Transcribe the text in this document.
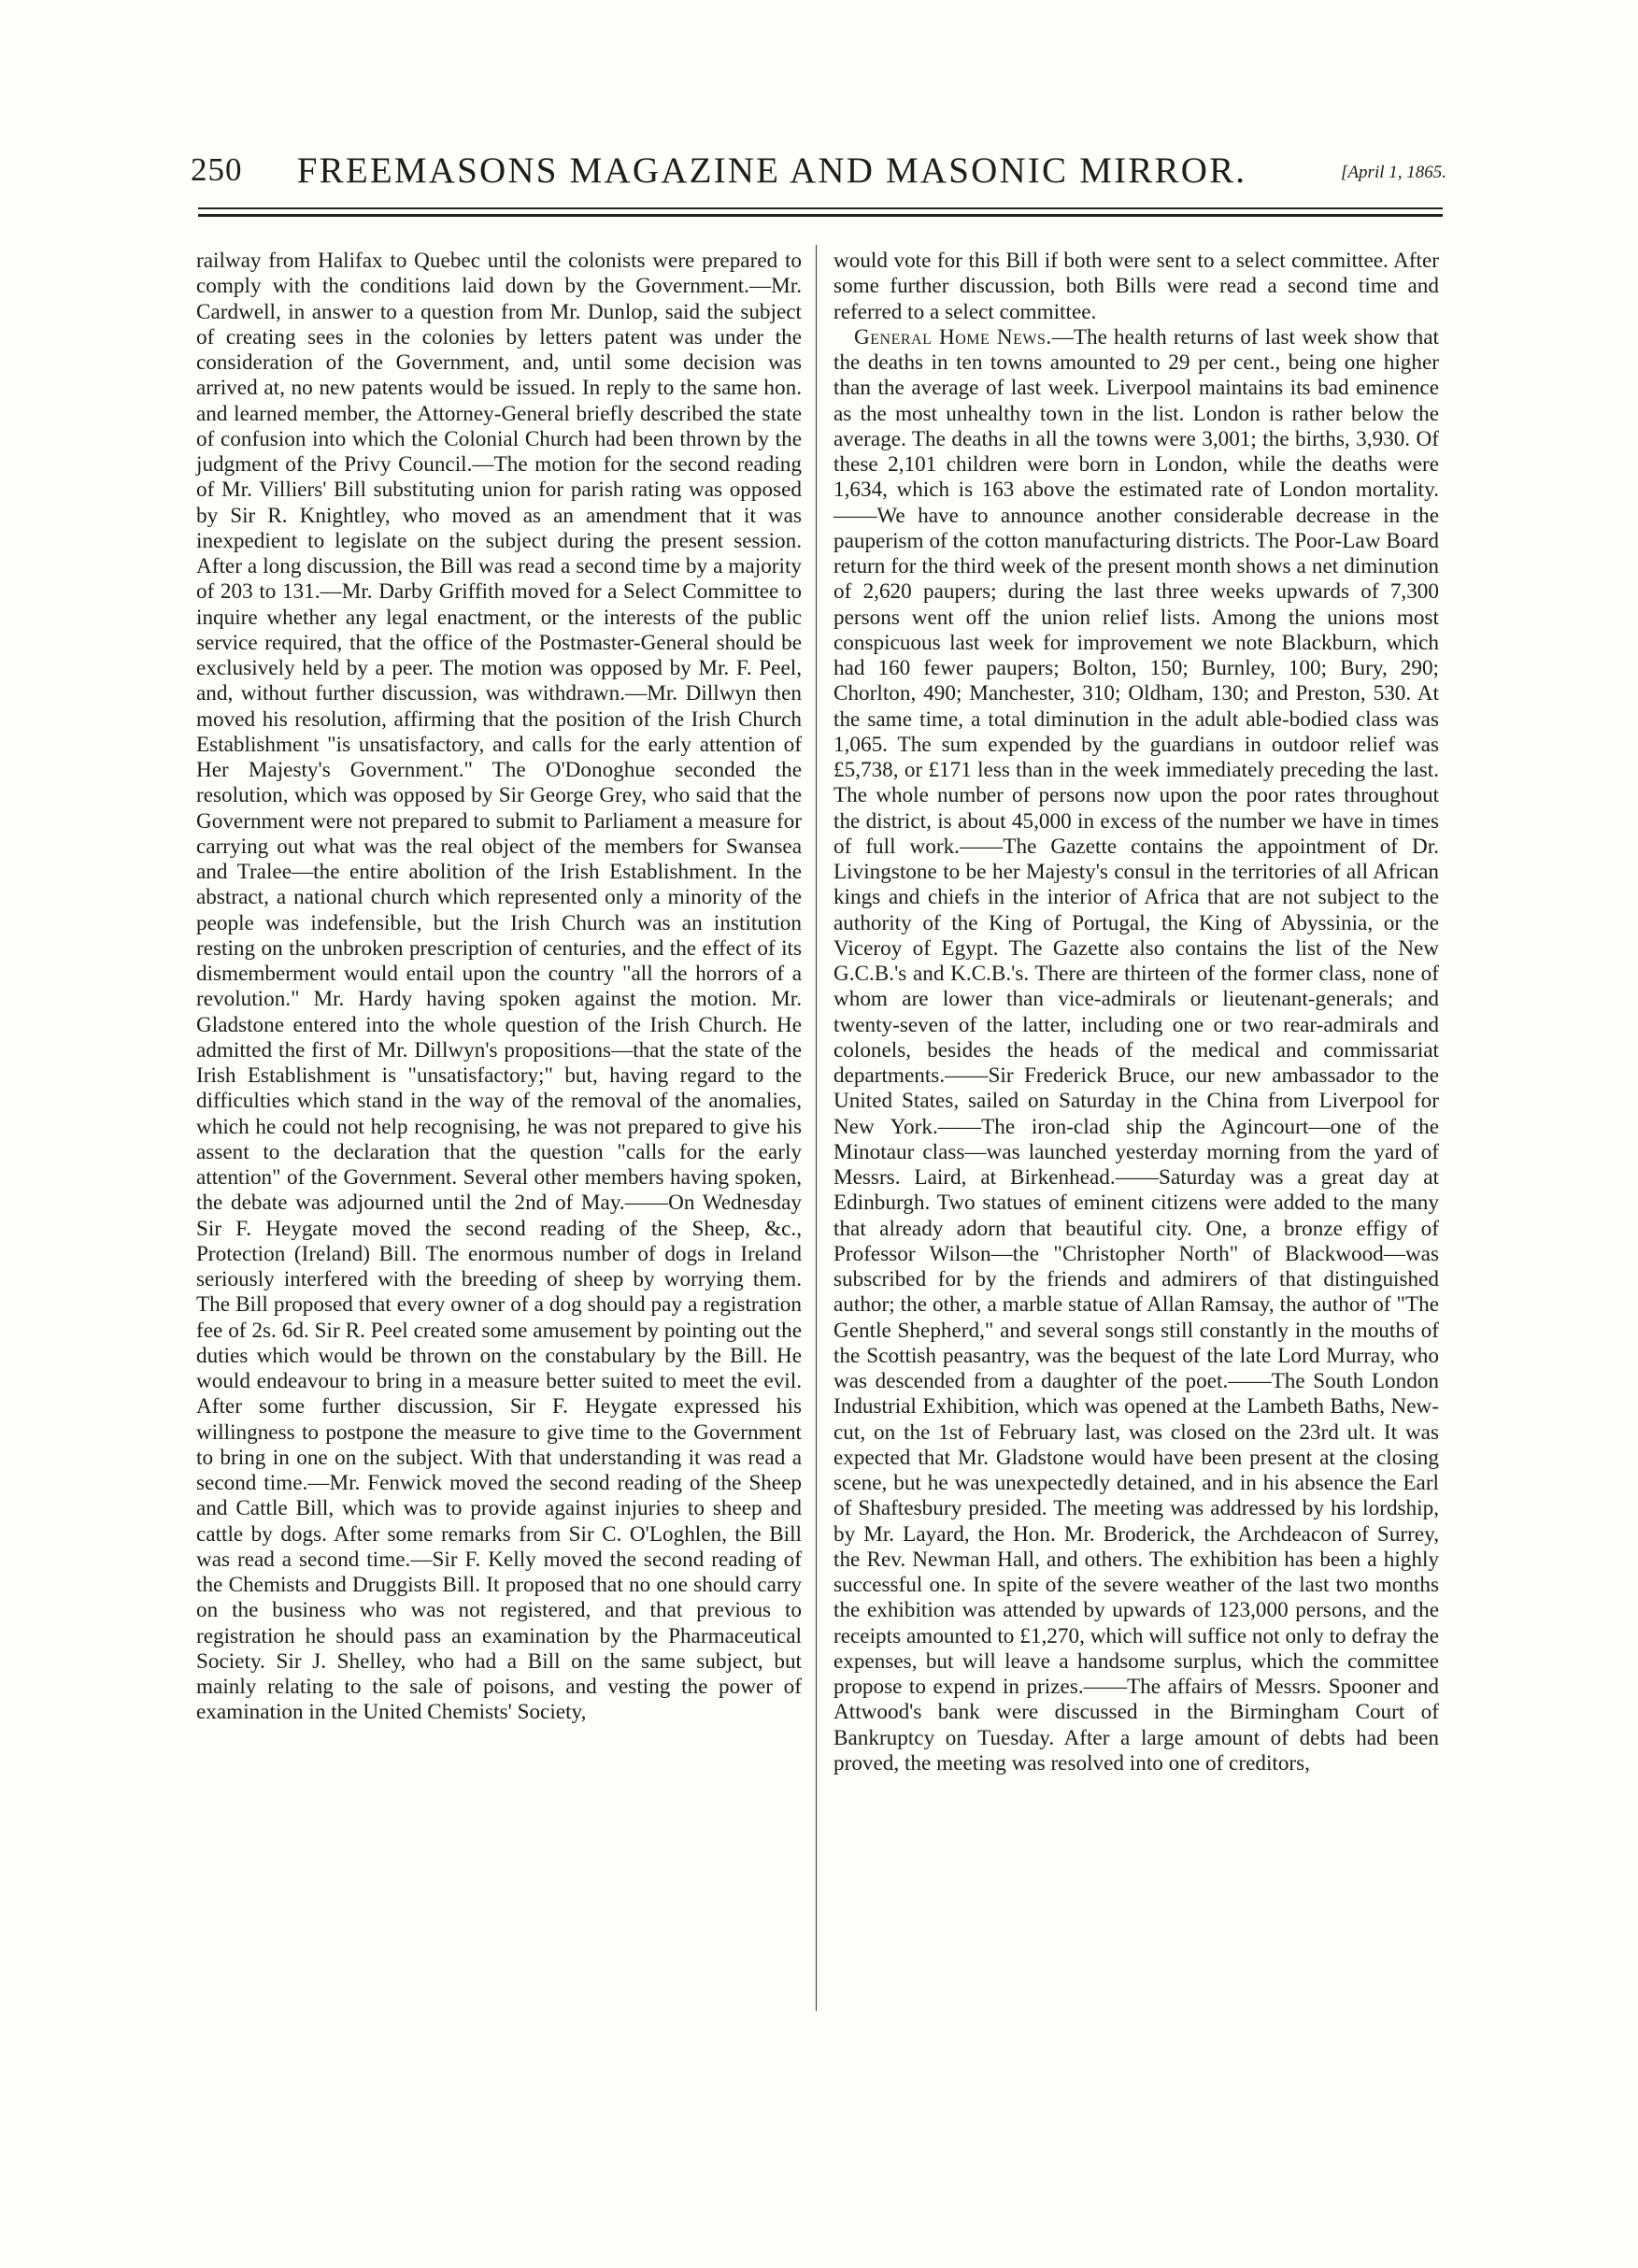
250	FREEMASONS MAGAZINE AND MASONIC MIRROR.	[April 1, 1865.

railway from Halifax to Quebec until the colonists were prepared to comply with the conditions laid down by the Government.—Mr. Cardwell, in answer to a question from Mr. Dunlop, said the subject of creating sees in the colonies by letters patent was under the consideration of the Government, and, until some decision was arrived at, no new patents would be issued. In reply to the same hon. and learned member, the Attorney-General briefly described the state of confusion into which the Colonial Church had been thrown by the judgment of the Privy Council.—The motion for the second reading of Mr. Villiers' Bill substituting union for parish rating was opposed by Sir R. Knightley, who moved as an amendment that it was inexpedient to legislate on the subject during the present session. After a long discussion, the Bill was read a second time by a majority of 203 to 131.—Mr. Darby Griffith moved for a Select Committee to inquire whether any legal enactment, or the interests of the public service required, that the office of the Postmaster-General should be exclusively held by a peer. The motion was opposed by Mr. F. Peel, and, without further discussion, was withdrawn.—Mr. Dillwyn then moved his resolution, affirming that the position of the Irish Church Establishment "is unsatisfactory, and calls for the early attention of Her Majesty's Government." The O'Donoghue seconded the resolution, which was opposed by Sir George Grey, who said that the Government were not prepared to submit to Parliament a measure for carrying out what was the real object of the members for Swansea and Tralee—the entire abolition of the Irish Establishment. In the abstract, a national church which represented only a minority of the people was indefensible, but the Irish Church was an institution resting on the unbroken prescription of centuries, and the effect of its dismemberment would entail upon the country "all the horrors of a revolution." Mr. Hardy having spoken against the motion. Mr. Gladstone entered into the whole question of the Irish Church. He admitted the first of Mr. Dillwyn's propositions—that the state of the Irish Establishment is "unsatisfactory;" but, having regard to the difficulties which stand in the way of the removal of the anomalies, which he could not help recognising, he was not prepared to give his assent to the declaration that the question "calls for the early attention" of the Government. Several other members having spoken, the debate was adjourned until the 2nd of May.——On Wednesday Sir F. Heygate moved the second reading of the Sheep, &c., Protection (Ireland) Bill. The enormous number of dogs in Ireland seriously interfered with the breeding of sheep by worrying them. The Bill proposed that every owner of a dog should pay a registration fee of 2s. 6d. Sir R. Peel created some amusement by pointing out the duties which would be thrown on the constabulary by the Bill. He would endeavour to bring in a measure better suited to meet the evil. After some further discussion, Sir F. Heygate expressed his willingness to postpone the measure to give time to the Government to bring in one on the subject. With that understanding it was read a second time.—Mr. Fenwick moved the second reading of the Sheep and Cattle Bill, which was to provide against injuries to sheep and cattle by dogs. After some remarks from Sir C. O'Loghlen, the Bill was read a second time.—Sir F. Kelly moved the second reading of the Chemists and Druggists Bill. It proposed that no one should carry on the business who was not registered, and that previous to registration he should pass an examination by the Pharmaceutical Society. Sir J. Shelley, who had a Bill on the same subject, but mainly relating to the sale of poisons, and vesting the power of examination in the United Chemists' Society,

would vote for this Bill if both were sent to a select committee. After some further discussion, both Bills were read a second time and referred to a select committee.

General Home News.—The health returns of last week show that the deaths in ten towns amounted to 29 per cent., being one higher than the average of last week. Liverpool maintains its bad eminence as the most unhealthy town in the list. London is rather below the average. The deaths in all the towns were 3,001; the births, 3,930. Of these 2,101 children were born in London, while the deaths were 1,634, which is 163 above the estimated rate of London mortality.——We have to announce another considerable decrease in the pauperism of the cotton manufacturing districts. The Poor-Law Board return for the third week of the present month shows a net diminution of 2,620 paupers; during the last three weeks upwards of 7,300 persons went off the union relief lists. Among the unions most conspicuous last week for improvement we note Blackburn, which had 160 fewer paupers; Bolton, 150; Burnley, 100; Bury, 290; Chorlton, 490; Manchester, 310; Oldham, 130; and Preston, 530. At the same time, a total diminution in the adult able-bodied class was 1,065. The sum expended by the guardians in outdoor relief was £5,738, or £171 less than in the week immediately preceding the last. The whole number of persons now upon the poor rates throughout the district, is about 45,000 in excess of the number we have in times of full work.——The Gazette contains the appointment of Dr. Livingstone to be her Majesty's consul in the territories of all African kings and chiefs in the interior of Africa that are not subject to the authority of the King of Portugal, the King of Abyssinia, or the Viceroy of Egypt. The Gazette also contains the list of the New G.C.B.'s and K.C.B.'s. There are thirteen of the former class, none of whom are lower than vice-admirals or lieutenant-generals; and twenty-seven of the latter, including one or two rear-admirals and colonels, besides the heads of the medical and commissariat departments.——Sir Frederick Bruce, our new ambassador to the United States, sailed on Saturday in the China from Liverpool for New York.——The iron-clad ship the Agincourt—one of the Minotaur class—was launched yesterday morning from the yard of Messrs. Laird, at Birkenhead.——Saturday was a great day at Edinburgh. Two statues of eminent citizens were added to the many that already adorn that beautiful city. One, a bronze effigy of Professor Wilson—the "Christopher North" of Blackwood—was subscribed for by the friends and admirers of that distinguished author; the other, a marble statue of Allan Ramsay, the author of "The Gentle Shepherd," and several songs still constantly in the mouths of the Scottish peasantry, was the bequest of the late Lord Murray, who was descended from a daughter of the poet.——The South London Industrial Exhibition, which was opened at the Lambeth Baths, New-cut, on the 1st of February last, was closed on the 23rd ult. It was expected that Mr. Gladstone would have been present at the closing scene, but he was unexpectedly detained, and in his absence the Earl of Shaftesbury presided. The meeting was addressed by his lordship, by Mr. Layard, the Hon. Mr. Broderick, the Archdeacon of Surrey, the Rev. Newman Hall, and others. The exhibition has been a highly successful one. In spite of the severe weather of the last two months the exhibition was attended by upwards of 123,000 persons, and the receipts amounted to £1,270, which will suffice not only to defray the expenses, but will leave a handsome surplus, which the committee propose to expend in prizes.——The affairs of Messrs. Spooner and Attwood's bank were discussed in the Birmingham Court of Bankruptcy on Tuesday. After a large amount of debts had been proved, the meeting was resolved into one of creditors,
